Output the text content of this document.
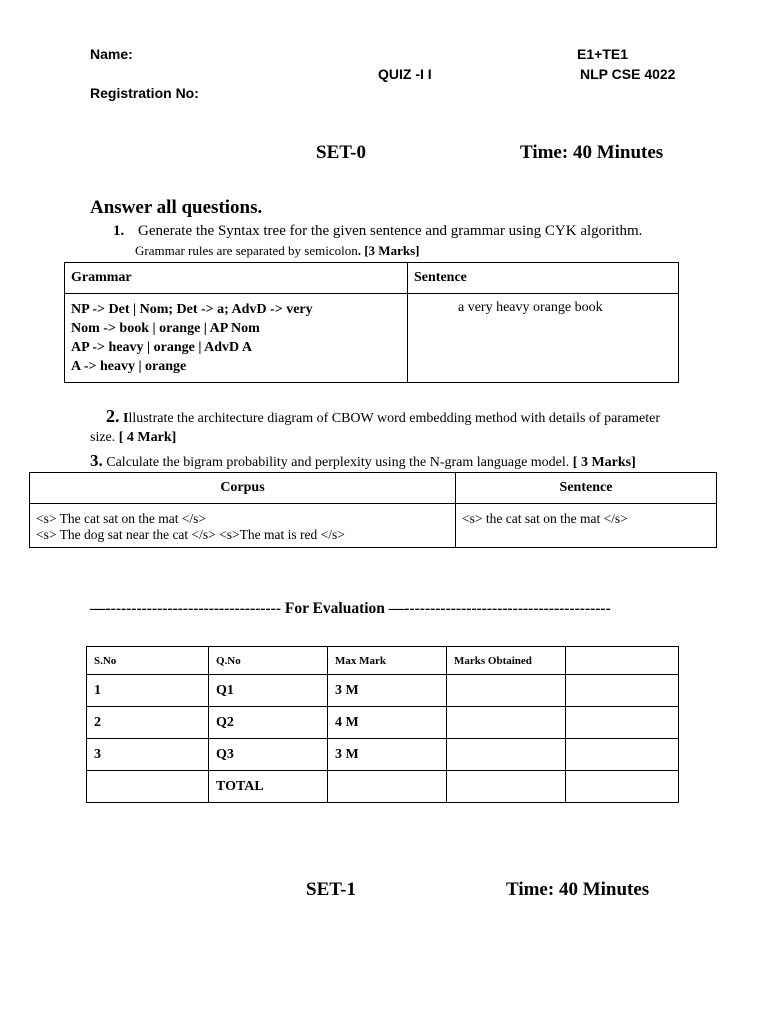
Name:	E1+TE1
QUIZ -I I	NLP CSE 4022
Registration No:
SET-0	Time: 40 Minutes
Answer all questions.
1. Generate the Syntax tree for the given sentence and grammar using CYK algorithm.
Grammar rules are separated by semicolon. [3 Marks]
Grammar	Sentence

NP -> Det | Nom; Det -> a; AdvD -> very
Nom -> book | orange | AP Nom
AP -> heavy | orange | AdvD A
A -> heavy | orange	a very heavy orange book
2. Illustrate the architecture diagram of CBOW word embedding method with details of parameter
size. [ 4 Mark]
3. Calculate the bigram probability and perplexity using the N-gram language model. [ 3 Marks]
Corpus	Sentence

<s> The cat sat on the mat </s>
<s> The dog sat near the cat </s> <s>The mat is red </s>	<s> the cat sat on the mat </s>
—---------------------------------- For Evaluation —----------------------------------------
S.No	Q.No	Max Mark	Marks Obtained	
1	Q1	3 M		
2	Q2	4 M		
3	Q3	3 M		
	TOTAL			
SET-1	Time: 40 Minutes
